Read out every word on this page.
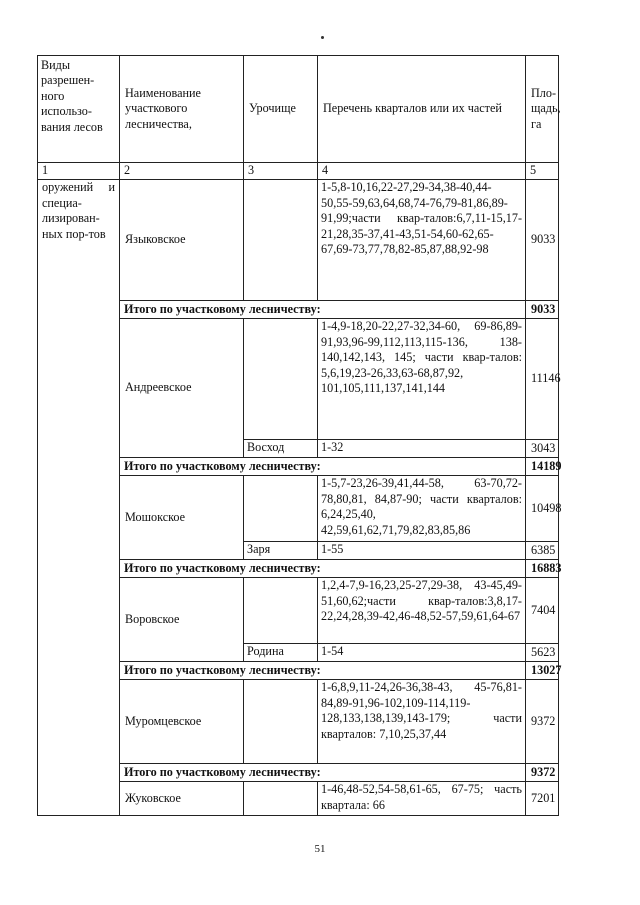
Виды разрешен-ного использо-вания лесов	Наименование участкового лесничества,	Урочище	Перечень кварталов или их частей	Пло-щадь, га
1	2	3	4	5
оружений и специа-лизирован-ных пор-тов	Языковское		1-5,8-10,16,22-27,29-34,38-40,44-50,55-59,63,64,68,74-76,79-81,86,89-91,99;части квар-талов:6,7,11-15,17-21,28,35-37,41-43,51-54,60-62,65-67,69-73,77,78,82-85,87,88,92-98	9033
	Итого по участковому лесничеству:			9033
	Андреевское		1-4,9-18,20-22,27-32,34-60, 69-86,89-91,93,96-99,112,113,115-136, 138-140,142,143, 145; части квар-талов: 5,6,19,23-26,33,63-68,87,92, 101,105,111,137,141,144	11146
		Восход	1-32	3043
	Итого по участковому лесничеству:			14189
	Мошокское		1-5,7-23,26-39,41,44-58, 63-70,72-78,80,81, 84,87-90; части кварталов: 6,24,25,40, 42,59,61,62,71,79,82,83,85,86	10498
		Заря	1-55	6385
	Итого по участковому лесничеству:			16883
	Воровское		1,2,4-7,9-16,23,25-27,29-38, 43-45,49-51,60,62;части квар-талов:3,8,17-22,24,28,39-42,46-48,52-57,59,61,64-67	7404
		Родина	1-54	5623
	Итого по участковому лесничеству:			13027
	Муромцевское		1-6,8,9,11-24,26-36,38-43, 45-76,81-84,89-91,96-102,109-114,119-128,133,138,139,143-179; части кварталов: 7,10,25,37,44	9372
	Итого по участковому лесничеству:			9372
	Жуковское		1-46,48-52,54-58,61-65, 67-75; часть квартала: 66	7201
51
